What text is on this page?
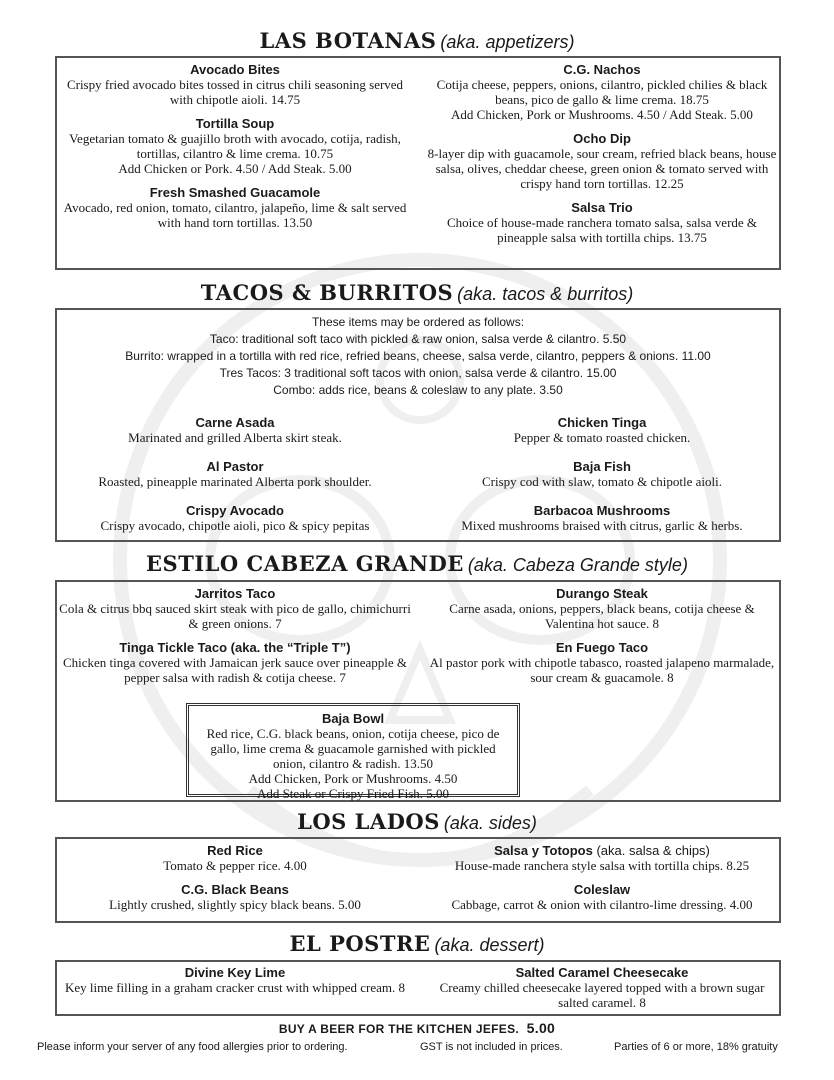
LAS BOTANAS (aka. appetizers)
Avocado Bites
Crispy fried avocado bites tossed in citrus chili seasoning served with chipotle aioli. 14.75
Tortilla Soup
Vegetarian tomato & guajillo broth with avocado, cotija, radish, tortillas, cilantro & lime crema. 10.75
Add Chicken or Pork. 4.50 / Add Steak. 5.00
Fresh Smashed Guacamole
Avocado, red onion, tomato, cilantro, jalapeño, lime & salt served with hand torn tortillas. 13.50
C.G. Nachos
Cotija cheese, peppers, onions, cilantro, pickled chilies & black beans, pico de gallo & lime crema. 18.75
Add Chicken, Pork or Mushrooms. 4.50 / Add Steak. 5.00
Ocho Dip
8-layer dip with guacamole, sour cream, refried black beans, house salsa, olives, cheddar cheese, green onion & tomato served with crispy hand torn tortillas. 12.25
Salsa Trio
Choice of house-made ranchera tomato salsa, salsa verde & pineapple salsa with tortilla chips. 13.75
TACOS & BURRITOS (aka. tacos & burritos)
These items may be ordered as follows:
Taco: traditional soft taco with pickled & raw onion, salsa verde & cilantro. 5.50
Burrito: wrapped in a tortilla with red rice, refried beans, cheese, salsa verde, cilantro, peppers & onions. 11.00
Tres Tacos: 3 traditional soft tacos with onion, salsa verde & cilantro. 15.00
Combo: adds rice, beans & coleslaw to any plate. 3.50
Carne Asada
Marinated and grilled Alberta skirt steak.
Al Pastor
Roasted, pineapple marinated Alberta pork shoulder.
Crispy Avocado
Crispy avocado, chipotle aioli, pico & spicy pepitas
Chicken Tinga
Pepper & tomato roasted chicken.
Baja Fish
Crispy cod with slaw, tomato & chipotle aioli.
Barbacoa Mushrooms
Mixed mushrooms braised with citrus, garlic & herbs.
ESTILO CABEZA GRANDE (aka. Cabeza Grande style)
Jarritos Taco
Cola & citrus bbq sauced skirt steak with pico de gallo, chimichurri & green onions. 7
Tinga Tickle Taco (aka. the “Triple T”)
Chicken tinga covered with Jamaican jerk sauce over pineapple & pepper salsa with radish & cotija cheese. 7
Durango Steak
Carne asada, onions, peppers, black beans, cotija cheese & Valentina hot sauce. 8
En Fuego Taco
Al pastor pork with chipotle tabasco, roasted jalapeno marmalade, sour cream & guacamole. 8
Baja Bowl
Red rice, C.G. black beans, onion, cotija cheese, pico de gallo, lime crema & guacamole garnished with pickled onion, cilantro & radish. 13.50
Add Chicken, Pork or Mushrooms. 4.50
Add Steak or Crispy Fried Fish. 5.00
LOS LADOS (aka. sides)
Red Rice
Tomato & pepper rice. 4.00
C.G. Black Beans
Lightly crushed, slightly spicy black beans. 5.00
Salsa y Totopos (aka. salsa & chips)
House-made ranchera style salsa with tortilla chips. 8.25
Coleslaw
Cabbage, carrot & onion with cilantro-lime dressing. 4.00
EL POSTRE (aka. dessert)
Divine Key Lime
Key lime filling in a graham cracker crust with whipped cream. 8
Salted Caramel Cheesecake
Creamy chilled cheesecake layered topped with a brown sugar salted caramel. 8
BUY A BEER FOR THE KITCHEN JEFES. 5.00
Please inform your server of any food allergies prior to ordering.	GST is not included in prices.	Parties of 6 or more, 18% gratuity
